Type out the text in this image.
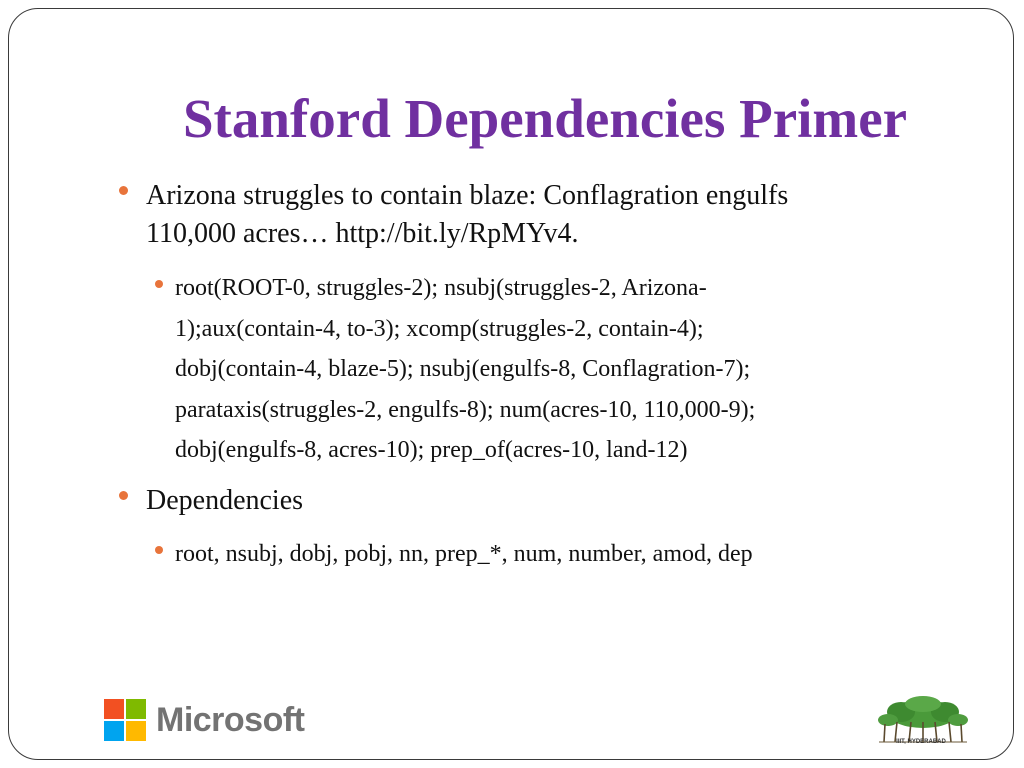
Stanford Dependencies Primer
Arizona struggles to contain blaze: Conflagration engulfs
110,000 acres… http://bit.ly/RpMYv4.
root(ROOT-0, struggles-2); nsubj(struggles-2, Arizona-
1);aux(contain-4, to-3); xcomp(struggles-2, contain-4);
dobj(contain-4, blaze-5); nsubj(engulfs-8, Conflagration-7);
parataxis(struggles-2, engulfs-8); num(acres-10, 110,000-9);
dobj(engulfs-8, acres-10); prep_of(acres-10, land-12)
Dependencies
root, nsubj, dobj, pobj, nn, prep_*, num, number, amod, dep
Microsoft
IIIT, HYDERABAD
